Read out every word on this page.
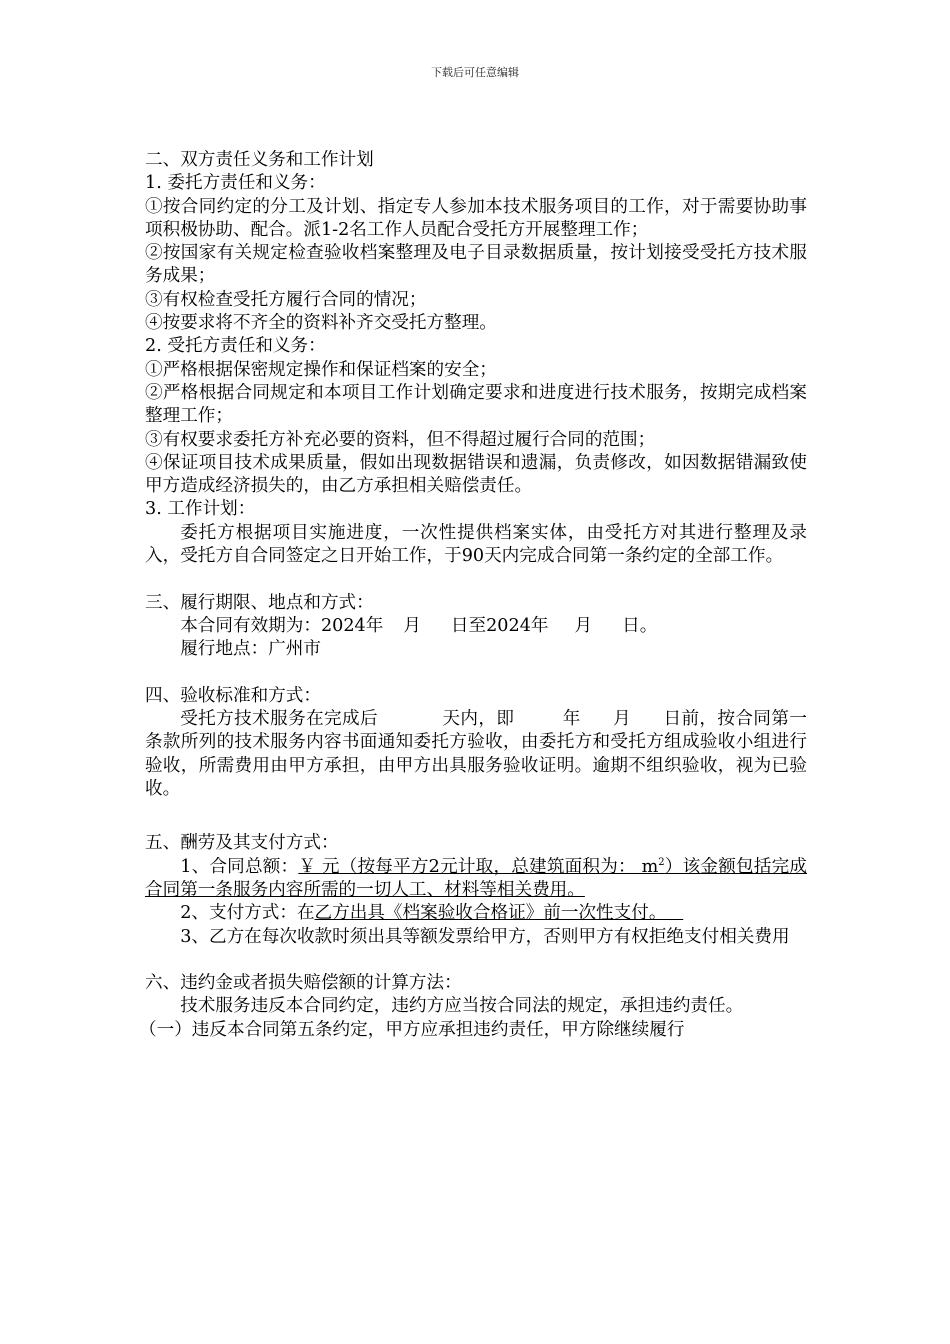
下载后可任意编辑

二、双方责任义务和工作计划

1. 委托方责任和义务：

①按合同约定的分工及计划、指定专人参加本技术服务项目的工作，对于需要协助事项积极协助、配合。派1-2名工作人员配合受托方开展整理工作；

②按国家有关规定检查验收档案整理及电子目录数据质量，按计划接受受托方技术服务成果；

③有权检查受托方履行合同的情况；

④按要求将不齐全的资料补齐交受托方整理。

2. 受托方责任和义务：

①严格根据保密规定操作和保证档案的安全；

②严格根据合同规定和本项目工作计划确定要求和进度进行技术服务，按期完成档案整理工作；

③有权要求委托方补充必要的资料，但不得超过履行合同的范围；

④保证项目技术成果质量，假如出现数据错误和遗漏，负责修改，如因数据错漏致使甲方造成经济损失的，由乙方承担相关赔偿责任。

3. 工作计划：

委托方根据项目实施进度，一次性提供档案实体，由受托方对其进行整理及录入，受托方自合同签定之日开始工作，于90天内完成合同第一条约定的全部工作。

三、履行期限、地点和方式：

本合同有效期为：2024年 月 日至2024年 月 日。

履行地点：广州市

四、验收标准和方式：

受托方技术服务在完成后	天内，即	年 月 日前，按合同第一条款所列的技术服务内容书面通知委托方验收，由委托方和受托方组成验收小组进行验收，所需费用由甲方承担，由甲方出具服务验收证明。逾期不组织验收，视为已验收。

五、酬劳及其支付方式：

1、合同总额：￥ 元（按每平方2元计取，总建筑面积为： $m^2$）该金额包括完成合同第一条服务内容所需的一切人工、材料等相关费用。

2、支付方式：在乙方出具《档案验收合格证》前一次性支付。

3、乙方在每次收款时须出具等额发票给甲方，否则甲方有权拒绝支付相关费用

六、违约金或者损失赔偿额的计算方法：

技术服务违反本合同约定，违约方应当按合同法的规定，承担违约责任。

（一）违反本合同第五条约定，甲方应承担违约责任，甲方除继续履行
